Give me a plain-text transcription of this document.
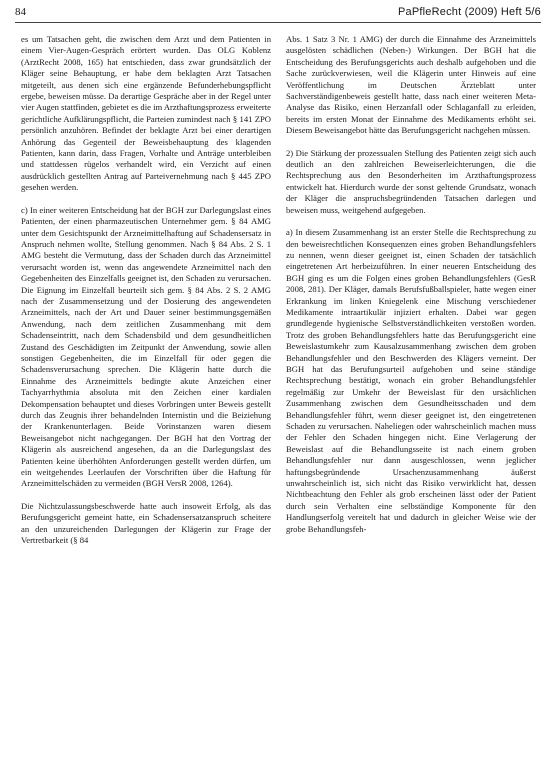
84	PaPfleRecht (2009) Heft 5/6

es um Tatsachen geht, die zwischen dem Arzt und dem Patienten in einem Vier-Augen-Gespräch erörtert wurden. Das OLG Koblenz (ArztRecht 2008, 165) hat entschieden, dass zwar grundsätzlich der Kläger seine Behauptung, er habe dem beklagten Arzt Tatsachen mitgeteilt, aus denen sich eine ergänzende Befunderhebungspflicht ergebe, beweisen müsse. Da derartige Gespräche aber in der Regel unter vier Augen stattfinden, gebietet es die im Arzthaftungsprozess erweiterte gerichtliche Aufklärungspflicht, die Parteien zumindest nach § 141 ZPO persönlich anzuhören. Befindet der beklagte Arzt bei einer derartigen Anhörung das Gegenteil der Beweisbehauptung des klagenden Patienten, kann darin, dass Fragen, Vorhalte und Anträge unterbleiben und stattdessen rügelos verhandelt wird, ein Verzicht auf einen ausdrücklich gestellten Antrag auf Parteivernehmung nach § 445 ZPO gesehen werden.

c) In einer weiteren Entscheidung hat der BGH zur Darlegungslast eines Patienten, der einen pharmazeutischen Unternehmer gem. § 84 AMG unter dem Gesichtspunkt der Arzneimittelhaftung auf Schadensersatz in Anspruch nehmen wollte, Stellung genommen. Nach § 84 Abs. 2 S. 1 AMG besteht die Vermutung, dass der Schaden durch das Arzneimittel verursacht worden ist, wenn das angewendete Arzneimittel nach den Gegebenheiten des Einzelfalls geeignet ist, den Schaden zu verursachen. Die Eignung im Einzelfall beurteilt sich gem. § 84 Abs. 2 S. 2 AMG nach der Zusammensetzung und der Dosierung des angewendeten Arzneimittels, nach der Art und Dauer seiner bestimmungsgemäßen Anwendung, nach dem zeitlichen Zusammenhang mit dem Schadenseintritt, nach dem Schadensbild und dem gesundheitlichen Zustand des Geschädigten im Zeitpunkt der Anwendung, sowie allen sonstigen Gegebenheiten, die im Einzelfall für oder gegen die Schadensverursachung sprechen. Die Klägerin hatte durch die Einnahme des Arzneimittels bedingte akute Anzeichen einer Tachyarrhythmia absoluta mit den Zeichen einer kardialen Dekompensation behauptet und dieses Vorbringen unter Beweis gestellt durch das Zeugnis ihrer behandelnden Internistin und die Beiziehung der Krankenunterlagen. Beide Vorinstanzen waren diesem Beweisangebot nicht nachgegangen. Der BGH hat den Vortrag der Klägerin als ausreichend angesehen, da an die Darlegungslast des Patienten keine überhöhten Anforderungen gestellt werden dürfen, um ein weitgehendes Leerlaufen der Vorschriften über die Haftung für Arzneimittelschäden zu vermeiden (BGH VersR 2008, 1264).

Die Nichtzulassungsbeschwerde hatte auch insoweit Erfolg, als das Berufungsgericht gemeint hatte, ein Schadensersatzanspruch scheitere an den unzureichenden Darlegungen der Klägerin zur Frage der Vertretbarkeit (§ 84

Abs. 1 Satz 3 Nr. 1 AMG) der durch die Einnahme des Arzneimittels ausgelösten schädlichen (Neben-) Wirkungen. Der BGH hat die Entscheidung des Berufungsgerichts auch deshalb aufgehoben und die Sache zurückverwiesen, weil die Klägerin unter Hinweis auf eine Veröffentlichung im Deutschen Ärzteblatt unter Sachverständigenbeweis gestellt hatte, dass nach einer weiteren Meta-Analyse das Risiko, einen Herzanfall oder Schlaganfall zu erleiden, bereits im ersten Monat der Einnahme des Medikaments erhöht sei. Diesem Beweisangebot hätte das Berufungsgericht nachgehen müssen.

2) Die Stärkung der prozessualen Stellung des Patienten zeigt sich auch deutlich an den zahlreichen Beweiserleichterungen, die die Rechtsprechung aus den Besonderheiten im Arzthaftungsprozess entwickelt hat. Hierdurch wurde der sonst geltende Grundsatz, wonach der Kläger die anspruchsbegründenden Tatsachen darlegen und beweisen muss, weitgehend aufgegeben.

a) In diesem Zusammenhang ist an erster Stelle die Rechtsprechung zu den beweisrechtlichen Konsequenzen eines groben Behandlungsfehlers zu nennen, wenn dieser geeignet ist, einen Schaden der tatsächlich eingetretenen Art herbeizuführen. In einer neueren Entscheidung des BGH ging es um die Folgen eines groben Behandlungsfehlers (GesR 2008, 281). Der Kläger, damals Berufsfußballspieler, hatte wegen einer Erkrankung im linken Kniegelenk eine Mischung verschiedener Medikamente intraartikulär injiziert erhalten. Dabei war gegen grundlegende hygienische Selbstverständlichkeiten verstoßen worden. Trotz des groben Behandlungsfehlers hatte das Berufungsgericht eine Beweislastumkehr zum Kausalzusammenhang zwischen dem groben Behandlungsfehler und den Beschwerden des Klägers verneint. Der BGH hat das Berufungsurteil aufgehoben und seine ständige Rechtsprechung bestätigt, wonach ein grober Behandlungsfehler regelmäßig zur Umkehr der Beweislast für den ursächlichen Zusammenhang zwischen dem Gesundheitsschaden und dem Behandlungsfehler führt, wenn dieser geeignet ist, den eingetretenen Schaden zu verursachen. Naheliegen oder wahrscheinlich machen muss der Fehler den Schaden hingegen nicht. Eine Verlagerung der Beweislast auf die Behandlungsseite ist nach einem groben Behandlungsfehler nur dann ausgeschlossen, wenn jeglicher haftungsbegründende Ursachenzusammenhang äußerst unwahrscheinlich ist, sich nicht das Risiko verwirklicht hat, dessen Nichtbeachtung den Fehler als grob erscheinen lässt oder der Patient durch sein Verhalten eine selbständige Komponente für den Handlungserfolg vereitelt hat und dadurch in gleicher Weise wie der grobe Behandlungsfeh-
